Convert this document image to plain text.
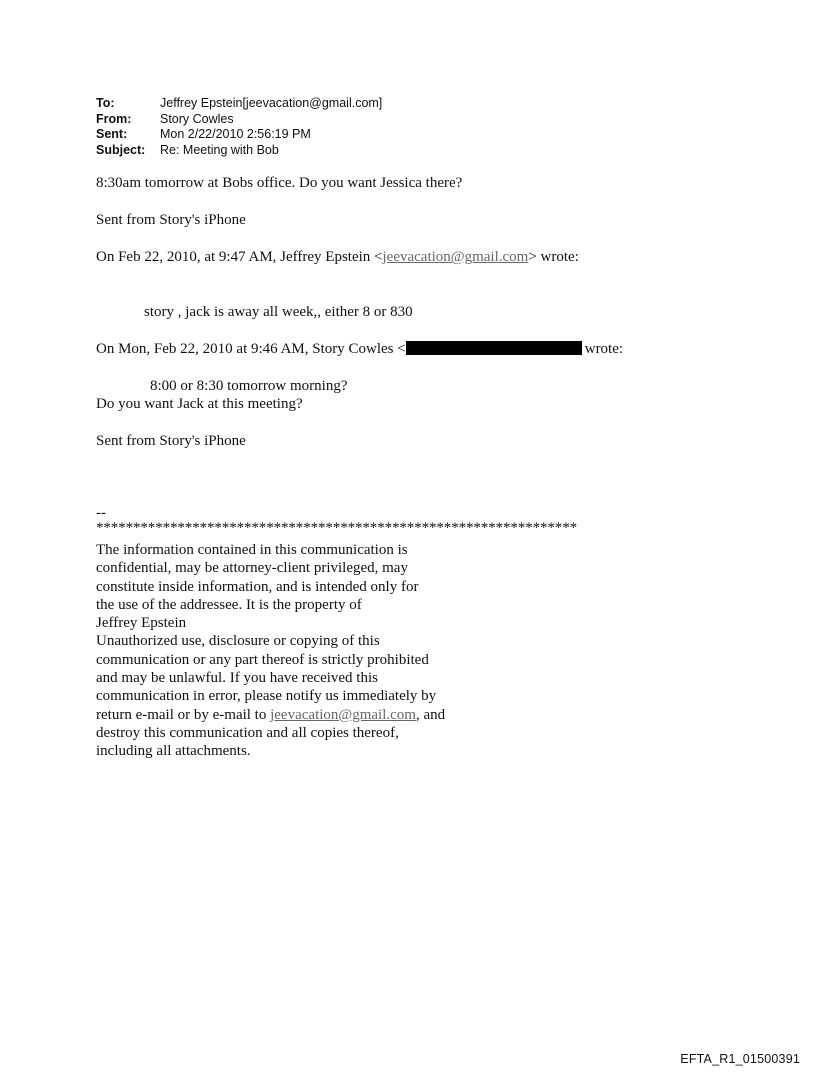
To:	Jeffrey Epstein[jeevacation@gmail.com]
From:	Story Cowles
Sent:	Mon 2/22/2010 2:56:19 PM
Subject:	Re: Meeting with Bob
8:30am tomorrow at Bobs office. Do you want Jessica there?
Sent from Story's iPhone
On Feb 22, 2010, at 9:47 AM, Jeffrey Epstein <jeevacation@gmail.com> wrote:
story , jack is away all week,, either 8 or 830
On Mon, Feb 22, 2010 at 9:46 AM, Story Cowles <	wrote:
8:00 or 8:30 tomorrow morning?
Do you want Jack at this meeting?
Sent from Story's iPhone
--
*****************************************************************
The information contained in this communication is
confidential, may be attorney-client privileged, may
constitute inside information, and is intended only for
the use of the addressee. It is the property of
Jeffrey Epstein
Unauthorized use, disclosure or copying of this
communication or any part thereof is strictly prohibited
and may be unlawful. If you have received this
communication in error, please notify us immediately by
return e-mail or by e-mail to jeevacation@gmail.com, and
destroy this communication and all copies thereof,
including all attachments.
EFTA_R1_01500391
